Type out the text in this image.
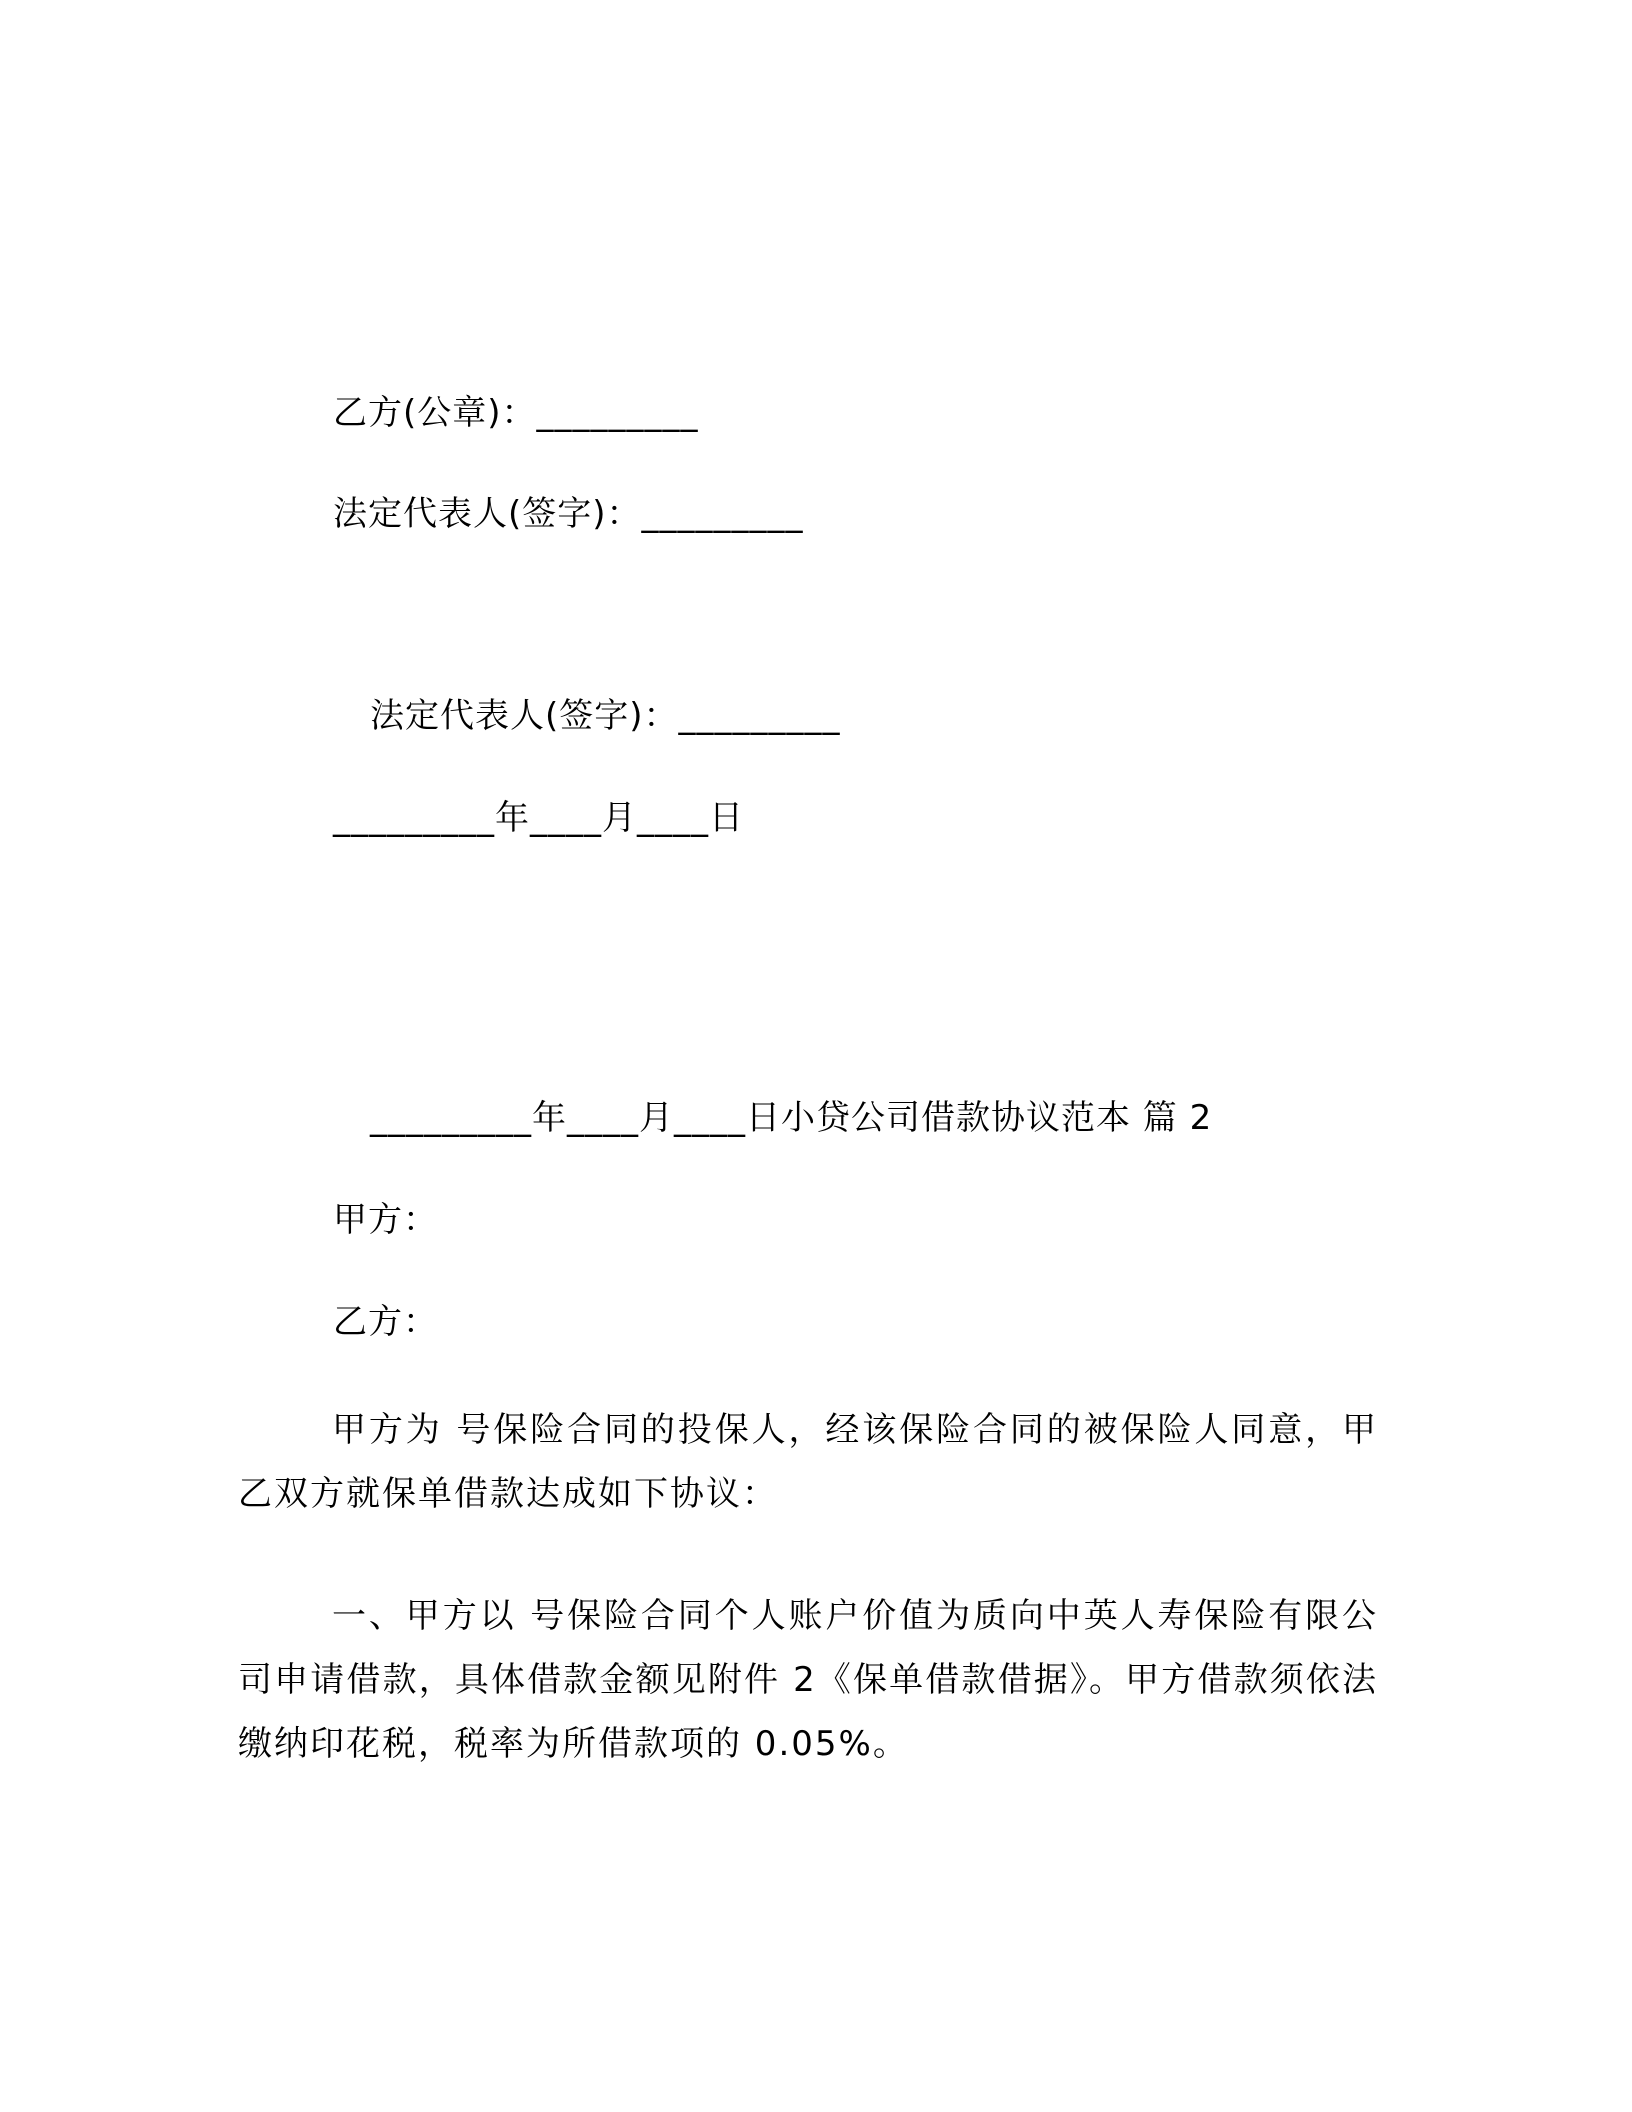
乙方(公章)：_________
法定代表人(签字)：_________
法定代表人(签字)：_________
_________年____月____日
_________年____月____日小贷公司借款协议范本 篇 2
甲方：
乙方：

甲方为 号保险合同的投保人，经该保险合同的被保险人同意，甲乙双方就保单借款达成如下协议：

一、甲方以 号保险合同个人账户价值为质向中英人寿保险有限公司申请借款，具体借款金额见附件 2《保单借款借据》。甲方借款须依法缴纳印花税，税率为所借款项的 0.05%。
